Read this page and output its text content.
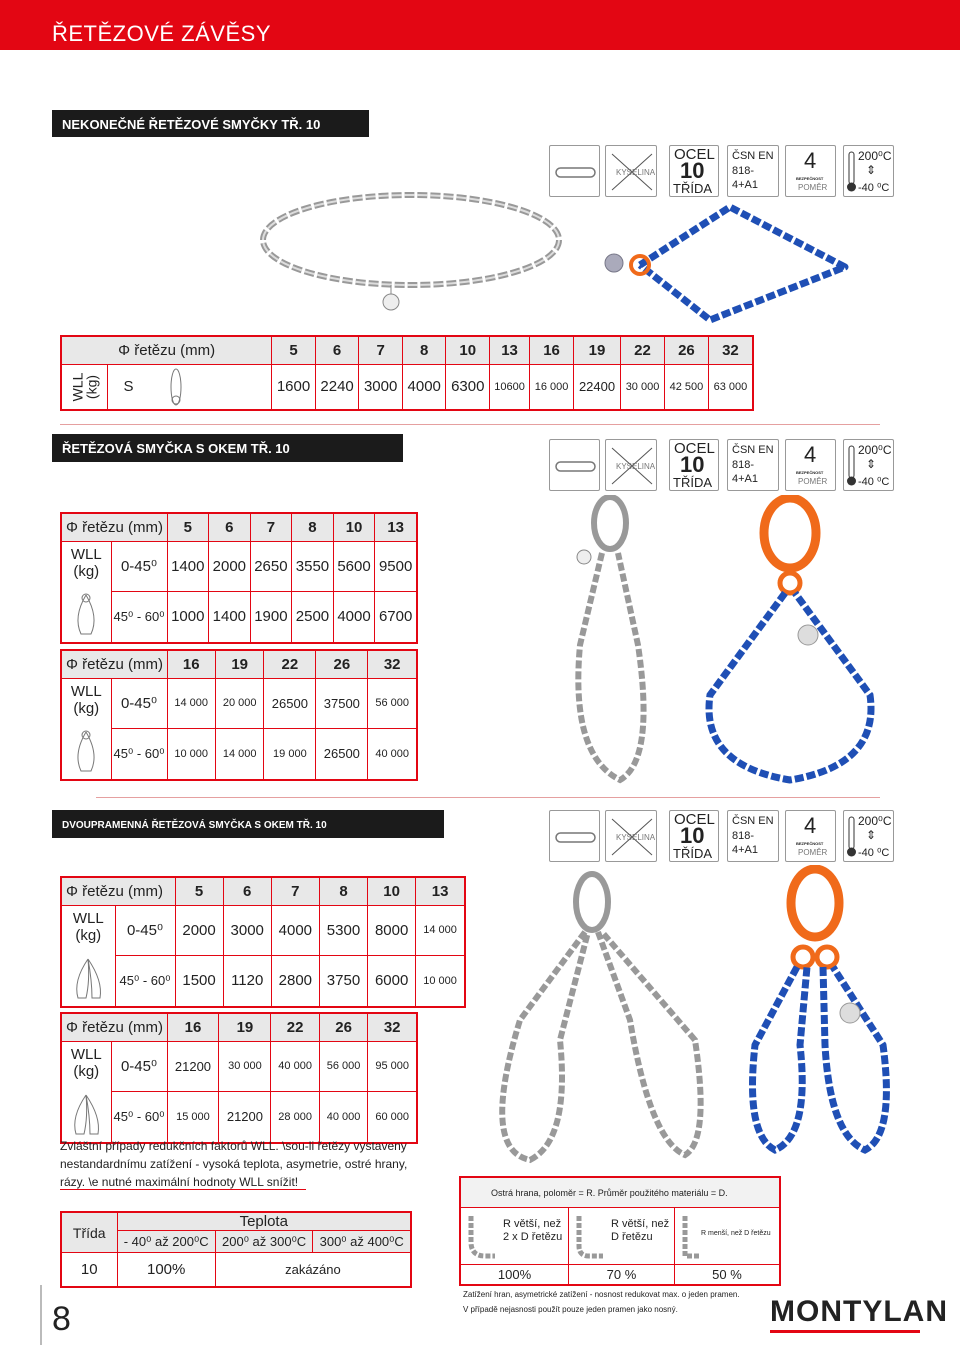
ŘETĚZOVÉ ZÁVĚSY
KYSELINA
OCEL
10
TŘÍDA
ČSN EN
818-
4+A1
4
BEZPEČNOST
POMĚR
200⁰C
⇕
-40 ⁰C
NEKONEČNÉ ŘETĚZOVÉ SMYČKY TŘ. 10
Φ řetězu (mm)		5	6	7	8	10	13	16	19	22	26	32

WLL
(kg)	S	1600	2240	3000	4000	6300	10600	16 000	22400	30 000	42 500	63 000
ŘETĚZOVÁ SMYČKA S OKEM TŘ. 10
KYSELINA
OCEL
10
TŘÍDA
ČSN EN
818-
4+A1
4
BEZPEČNOST
POMĚR
200⁰C
⇕
-40 ⁰C
Φ řetězu (mm)		5	6	7	8	10	13

WLL (kg)	0-45⁰	1400	2000	2650	3550	5600	9500
	45⁰ - 60⁰	1000	1400	1900	2500	4000	6700
Φ řetězu (mm)		16	19	22	26	32

WLL (kg)	0-45⁰	14 000	20 000	26500	37500	56 000
	45⁰ - 60⁰	10 000	14 000	19 000	26500	40 000
DVOUPRAMENNÁ ŘETĚZOVÁ SMYČKA S OKEM TŘ. 10
KYSELINA
OCEL
10
TŘÍDA
ČSN EN
818-
4+A1
4
BEZPEČNOST
POMĚR
200⁰C
⇕
-40 ⁰C
Φ řetězu (mm)		5	6	7	8	10	13

WLL (kg)	0-45⁰	2000	3000	4000	5300	8000	14 000
	45⁰ - 60⁰	1500	1120	2800	3750	6000	10 000
Φ řetězu (mm)		16	19	22	26	32

WLL (kg)	0-45⁰	21200	30 000	40 000	56 000	95 000
	45⁰ - 60⁰	15 000	21200	28 000	40 000	60 000
Zvláštní případy redukčních faktorů WLL. \sou-li řetězy vystaveny nestandardnímu zatížení - vysoká teplota, asymetrie, ostré hrany, rázy. \e nutné maximální hodnoty WLL snížit!
Třída	Teplota		
	- 40⁰ až 200⁰C	200⁰ až 300⁰C	300⁰ až 400⁰C
10	100%	zakázáno	
Ostrá hrana, poloměr = R. Průměr použitého materiálu = D.
R větší, než
2 x D řetězu
R větší, než
D řetězu	R menší, než D řetězu
100%	70 %	50 %
Zatížení hran, asymetrické zatížení - nosnost redukovat max. o jeden pramen.
V případě nejasnosti použít pouze jeden pramen jako nosný.
8	MONTYLAN
